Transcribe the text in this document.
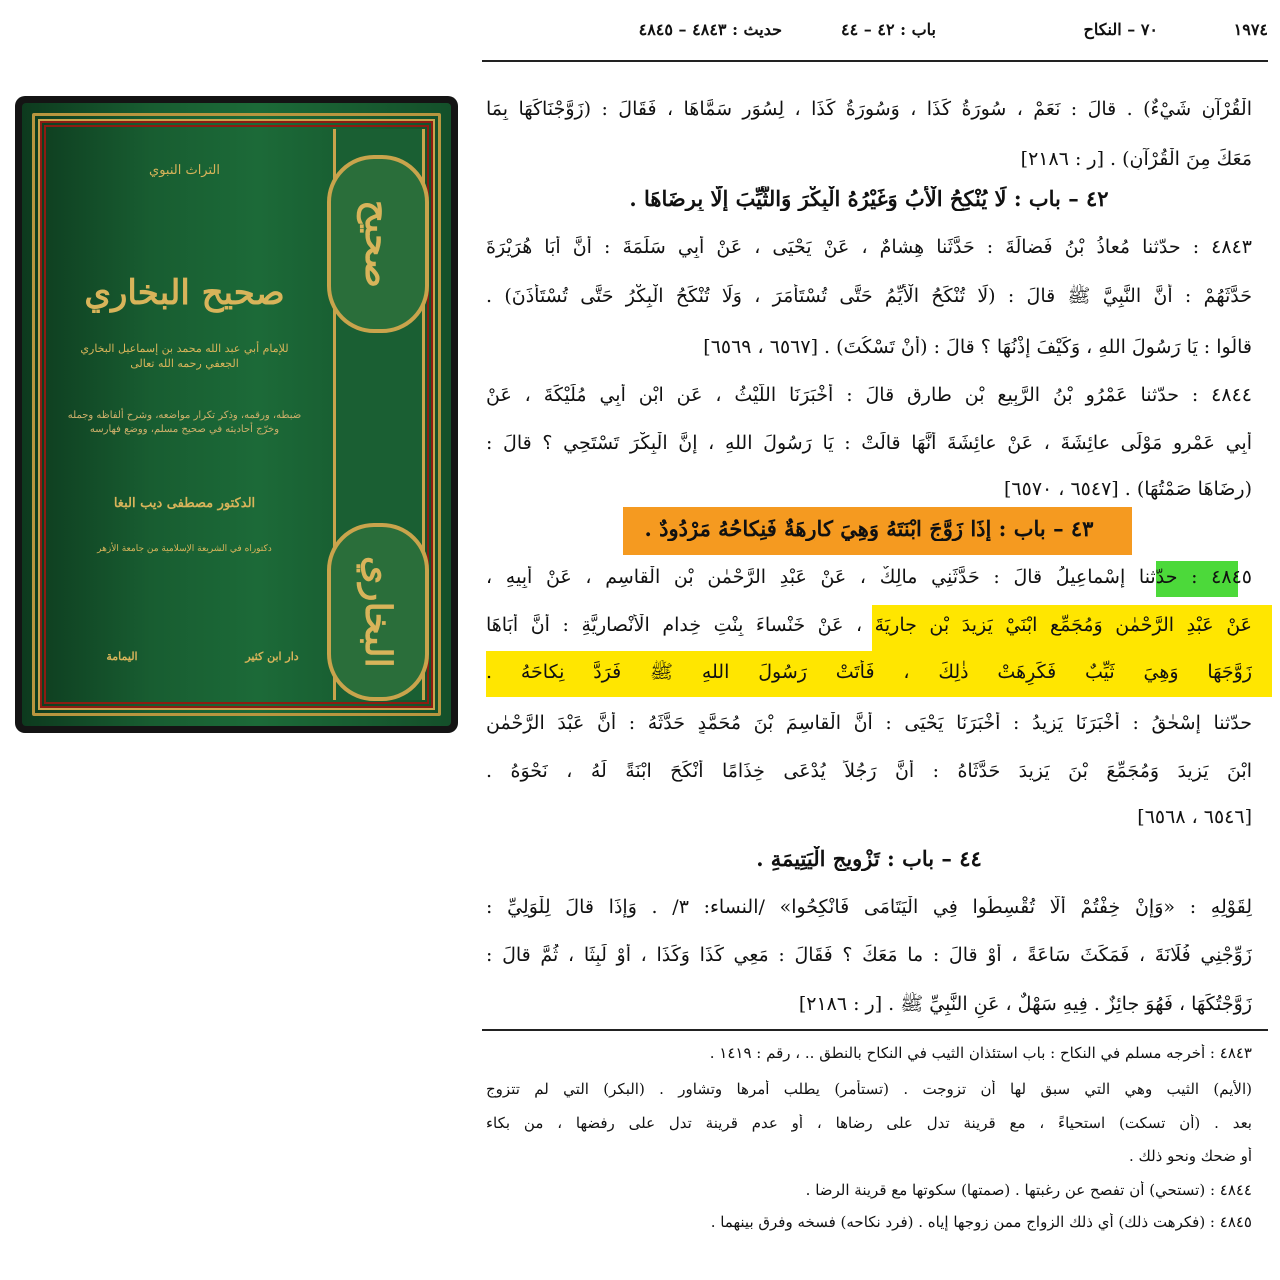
صحيح
البخاري
التراث النبوي
صحيح البخاري
للإمام أبي عبد الله محمد بن إسماعيل البخاري الجعفي رحمه الله تعالى
ضبطه، ورقمه، وذكر تكرار مواضعه، وشرح ألفاظه وجمله وخرّج أحاديثه في صحيح مسلم، ووضع فهارسه
الدكتور مصطفى ديب البغا
دكتوراه في الشريعة الإسلامية من جامعة الأزهر
اليمامة	دار ابن كثير
١٩٧٤
٧٠ – النكاح
باب : ٤٢ – ٤٤
حديث : ٤٨٤٣ – ٤٨٤٥
الْقُرْآنِ شَيْءٌ) . قالَ : نَعَمْ ، سُورَةُ كَذَا ، وَسُورَةُ كَذَا ، لِسُوَرٍ سَمَّاهَا ، فَقَالَ : (زَوَّجْنَاكَهَا بِمَا
مَعَكَ مِنَ الْقُرْآنِ) . [ر : ٢١٨٦]
٤٢ – باب : لَا يُنْكِحُ الْأَبُ وَغَيْرُهُ الْبِكْرَ وَالثَّيِّبَ إِلَّا بِرِضَاهَا .
٤٨٤٣ : حدّثنا مُعاذُ بْنُ فَضالَةَ : حَدَّثَنا هِشامٌ ، عَنْ يَحْيَى ، عَنْ أَبِي سَلَمَةَ : أَنَّ أَبَا هُرَيْرَةَ
حَدَّثَهُمْ : أَنَّ النَّبِيَّ ﷺ قالَ : (لَا تُنْكَحُ الْأَيِّمُ حَتَّى تُسْتَأْمَرَ ، وَلَا تُنْكَحُ الْبِكْرُ حَتَّى تُسْتَأْذَنَ) .
قالُوا : يَا رَسُولَ اللهِ ، وَكَيْفَ إِذْنُهَا ؟ قالَ : (أَنْ تَسْكُتَ) . [٦٥٦٧ ، ٦٥٦٩]
٤٨٤٤ : حدّثنا عَمْرُو بْنُ الرَّبِيعِ بْنِ طارِقٍ قالَ : أَخْبَرَنَا اللَّيْثُ ، عَنِ ابْنِ أَبِي مُلَيْكَةَ ، عَنْ
أَبِي عَمْرٍو مَوْلَى عائِشَةَ ، عَنْ عائِشَةَ أَنَّهَا قالَتْ : يَا رَسُولَ اللهِ ، إِنَّ الْبِكْرَ تَسْتَحِي ؟ قالَ :
(رِضَاهَا صَمْتُهَا) . [٦٥٤٧ ، ٦٥٧٠]
٤٣ – باب : إِذَا زَوَّجَ ابْنَتَهُ وَهِيَ كارِهَةٌ فَنِكاحُهُ مَرْدُودٌ .
٤٨٤٥ : حدّثنا إِسْماعِيلُ قالَ : حَدَّثَنِي مالِكٌ ، عَنْ عَبْدِ الرَّحْمٰنِ بْنِ الْقاسِمِ ، عَنْ أَبِيهِ ،
عَنْ عَبْدِ الرَّحْمٰنِ وَمُجَمِّعٍ ابْنَيْ يَزِيدَ بْنِ جارِيَةَ ، عَنْ خَنْساءَ بِنْتِ خِدامٍ الْأَنْصارِيَّةِ : أَنَّ أَبَاهَا
زَوَّجَهَا وَهِيَ ثَيِّبٌ فَكَرِهَتْ ذٰلِكَ ، فَأَتَتْ رَسُولَ اللهِ ﷺ فَرَدَّ نِكاحَهُ .
حدّثنا إِسْحٰقُ : أَخْبَرَنَا يَزِيدُ : أَخْبَرَنَا يَحْيَى : أَنَّ الْقاسِمَ بْنَ مُحَمَّدٍ حَدَّثَهُ : أَنَّ عَبْدَ الرَّحْمٰنِ
ابْنَ يَزِيدَ وَمُجَمِّعَ بْنَ يَزِيدَ حَدَّثَاهُ : أَنَّ رَجُلاً يُدْعَى خِذَامًا أَنْكَحَ ابْنَةً لَهُ ، نَحْوَهُ .
[٦٥٤٦ ، ٦٥٦٨]
٤٤ – باب : تَزْوِيجِ الْيَتِيمَةِ .
لِقَوْلِهِ : «وَإِنْ خِفْتُمْ أَلَّا تُقْسِطُوا فِي الْيَتَامَى فَانْكِحُوا» /النساء: ٣/ . وَإِذَا قالَ لِلْوَلِيِّ :
زَوِّجْنِي فُلَانَةَ ، فَمَكَثَ سَاعَةً ، أَوْ قالَ : ما مَعَكَ ؟ فَقَالَ : مَعِي كَذَا وَكَذَا ، أَوْ لَبِثَا ، ثُمَّ قالَ :
زَوَّجْتُكَهَا ، فَهُوَ جائِزٌ . فِيهِ سَهْلٌ ، عَنِ النَّبِيِّ ﷺ . [ر : ٢١٨٦]
٤٨٤٣ : أخرجه مسلم في النكاح : باب استئذان الثيب في النكاح بالنطق .. ، رقم : ١٤١٩ .
(الأيم) الثيب وهي التي سبق لها أن تزوجت . (تستأمر) يطلب أمرها وتشاور . (البكر) التي لم تتزوج
بعد . (أن تسكت) استحياءً ، مع قرينة تدل على رضاها ، أو عدم قرينة تدل على رفضها ، من بكاء
أو ضحك ونحو ذلك .
٤٨٤٤ : (تستحي) أن تفصح عن رغبتها . (صمتها) سكوتها مع قرينة الرضا .
٤٨٤٥ : (فكرهت ذلك) أي ذلك الزواج ممن زوجها إياه . (فرد نكاحه) فسخه وفرق بينهما .
